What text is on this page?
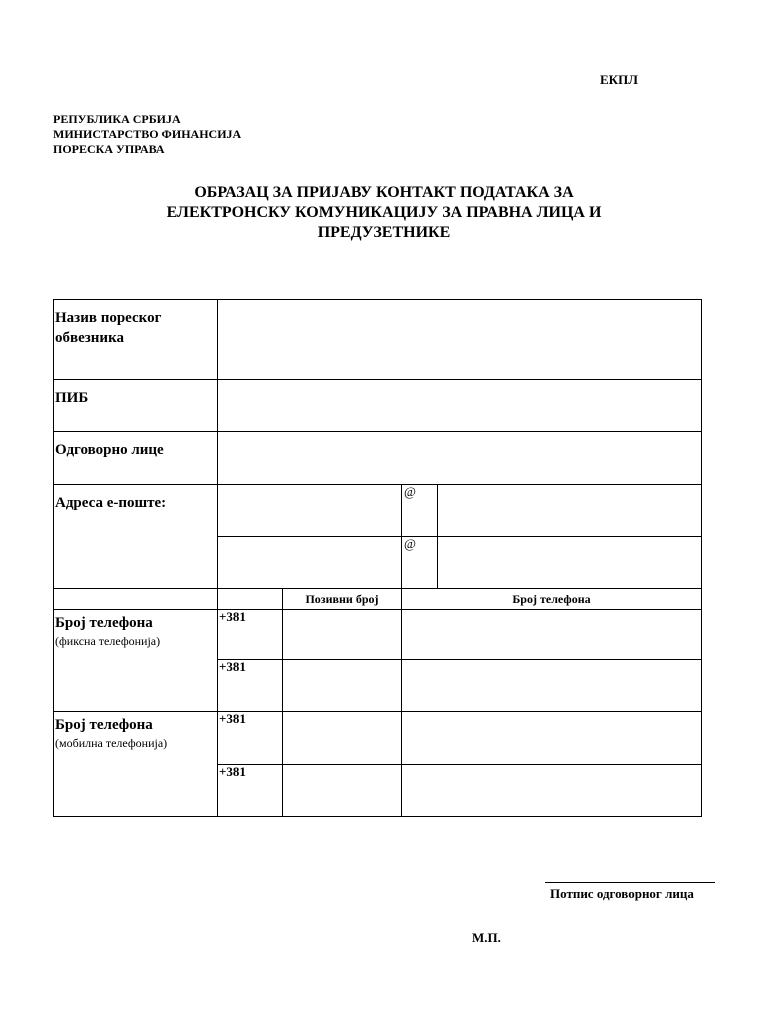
ЕКПЛ
РЕПУБЛИКА СРБИЈА
МИНИСТАРСТВО ФИНАНСИЈА
ПОРЕСКА УПРАВА
ОБРАЗАЦ ЗА ПРИЈАВУ КОНТАКТ ПОДАТАКА ЗА
ЕЛЕКТРОНСКУ КОМУНИКАЦИЈУ ЗА ПРАВНА ЛИЦА И
ПРЕДУЗЕТНИКЕ
Назив пореског обвезника				
ПИБ				
Одговорно лице				
Адреса е-поште:			@	
			@	
		Позивни број	Број телефона	

Број телефона
(фиксна телефонија)	+381			
	+381			

Број телефона
(мобилна телефонија)	+381			
	+381			
Потпис одговорног лица
М.П.
